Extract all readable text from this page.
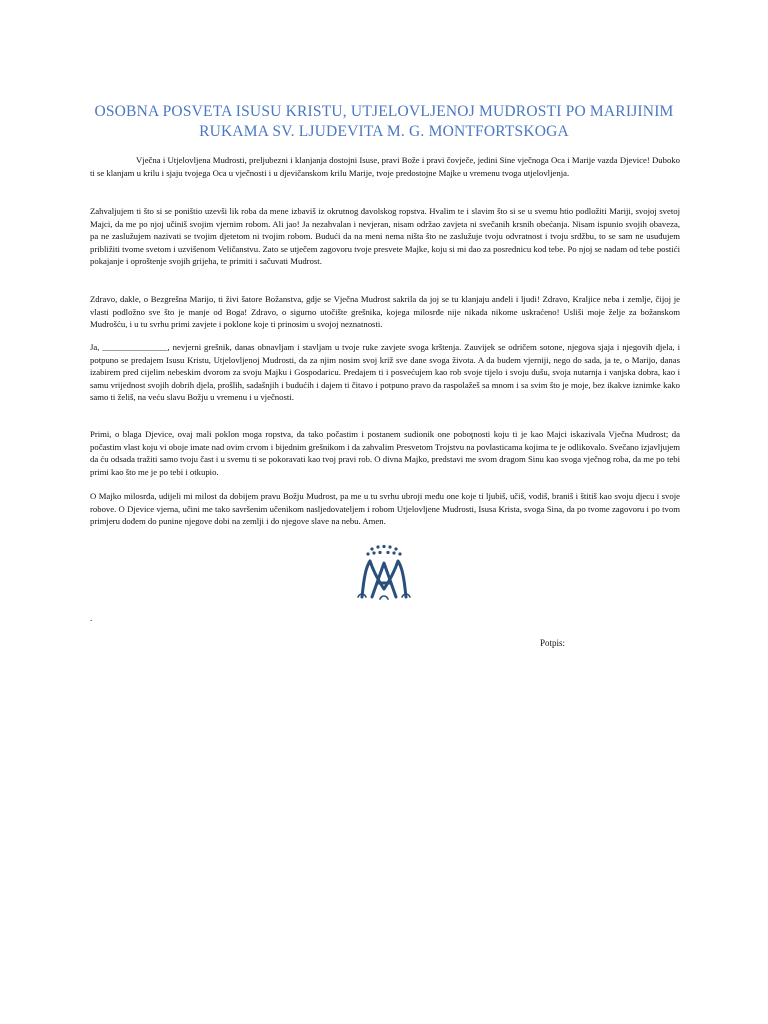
OSOBNA POSVETA ISUSU KRISTU, UTJELOVLJENOJ MUDROSTI PO MARIJINIM
RUKAMA SV. LJUDEVITA M. G. MONTFORTSKOGA

Vječna i Utjelovljena Mudrosti, preljubezni i klanjanja dostojni Isuse, pravi Bože i pravi čovječe, jedini Sine vječnoga Oca i Marije vazda Djevice! Duboko ti se klanjam u krilu i sjaju tvojega Oca u vječnosti i u djevičanskom krilu Marije, tvoje predostojne Majke u vremenu tvoga utjelovljenja.

Zahvaljujem ti što si se poništio uzevši lik roba da mene izbaviš iz okrutnog đavolskog ropstva. Hvalim te i slavim što si se u svemu htio podložiti Mariji, svojoj svetoj Majci, da me po njoj učiniš svojim vjernim robom. Ali jao! Ja nezahvalan i nevjeran, nisam održao zavjeta ni svečanih krsnih obećanja. Nisam ispunio svojih obaveza, pa ne zaslužujem nazivati se tvojim djetetom ni tvojim robom. Budući da na meni nema ništa što ne zaslužuje tvoju odvratnost i tvoju srdžbu, to se sam ne usuđujem približiti tvome svetom i uzvišenom Veličanstvu. Zato se utječem zagovoru tvoje presvete Majke, koju si mi dao za posrednicu kod tebe. Po njoj se nadam od tebe postići pokajanje i oproštenje svojih grijeha, te primiti i sačuvati Mudrost.

Zdravo, dakle, o Bezgrešna Marijo, ti živi šatore Božanstva, gdje se Vječna Mudrost sakrila da joj se tu klanjaju anđeli i ljudi! Zdravo, Kraljice neba i zemlje, čijoj je vlasti podložno sve što je manje od Boga! Zdravo, o sigurno utočište grešnika, kojega milosrđe nije nikada nikome uskraćeno! Usliši moje želje za božanskom Mudrošću, i u tu svrhu primi zavjete i poklone koje ti prinosim u svojoj neznatnosti.

Ja, _______________, nevjerni grešnik, danas obnavljam i stavljam u tvoje ruke zavjete svoga krštenja. Zauvijek se odričem sotone, njegova sjaja i njegovih djela, i potpuno se predajem Isusu Kristu, Utjelovljenoj Mudrosti, da za njim nosim svoj križ sve dane svoga života. A da budem vjerniji, nego do sada, ja te, o Marijo, danas izabirem pred cijelim nebeskim dvorom za svoju Majku i Gospodaricu. Predajem ti i posvećujem kao rob svoje tijelo i svoju dušu, svoja nutarnja i vanjska dobra, kao i samu vrijednost svojih dobrih djela, prošlih, sadašnjih i budućih i dajem ti čitavo i potpuno pravo da raspolažeš sa mnom i sa svim što je moje, bez ikakve iznimke kako samo ti želiš, na veću slavu Božju u vremenu i u vječnosti.

Primi, o blaga Djevice, ovaj mali poklon moga ropstva, da tako počastim i postanem sudionik one poboţnosti koju ti je kao Majci iskazivala Vječna Mudrost; da počastim vlast koju vi oboje imate nad ovim crvom i bijednim grešnikom i da zahvalim Presvetom Trojstvu na povlasticama kojima te je odlikovalo. Svečano izjavljujem da ću odsada tražiti samo tvoju čast i u svemu ti se pokoravati kao tvoj pravi rob. O divna Majko, predstavi me svom dragom Sinu kao svoga vječnog roba, da me po tebi primi kao što me je po tebi i otkupio.

O Majko milosrđa, udijeli mi milost da dobijem pravu Božju Mudrost, pa me u tu svrhu ubroji među one koje ti ljubiš, učiš, vodiš, braniš i štitiš kao svoju djecu i svoje robove. O Djevice vjerna, učini me tako savršenim učenikom nasljedovateljem i robom Utjelovljene Mudrosti, Isusa Krista, svoga Sina, da po tvome zagovoru i po tvom primjeru dođem do punine njegove dobi na zemlji i do njegove slave na nebu. Amen.

.
Potpis:
